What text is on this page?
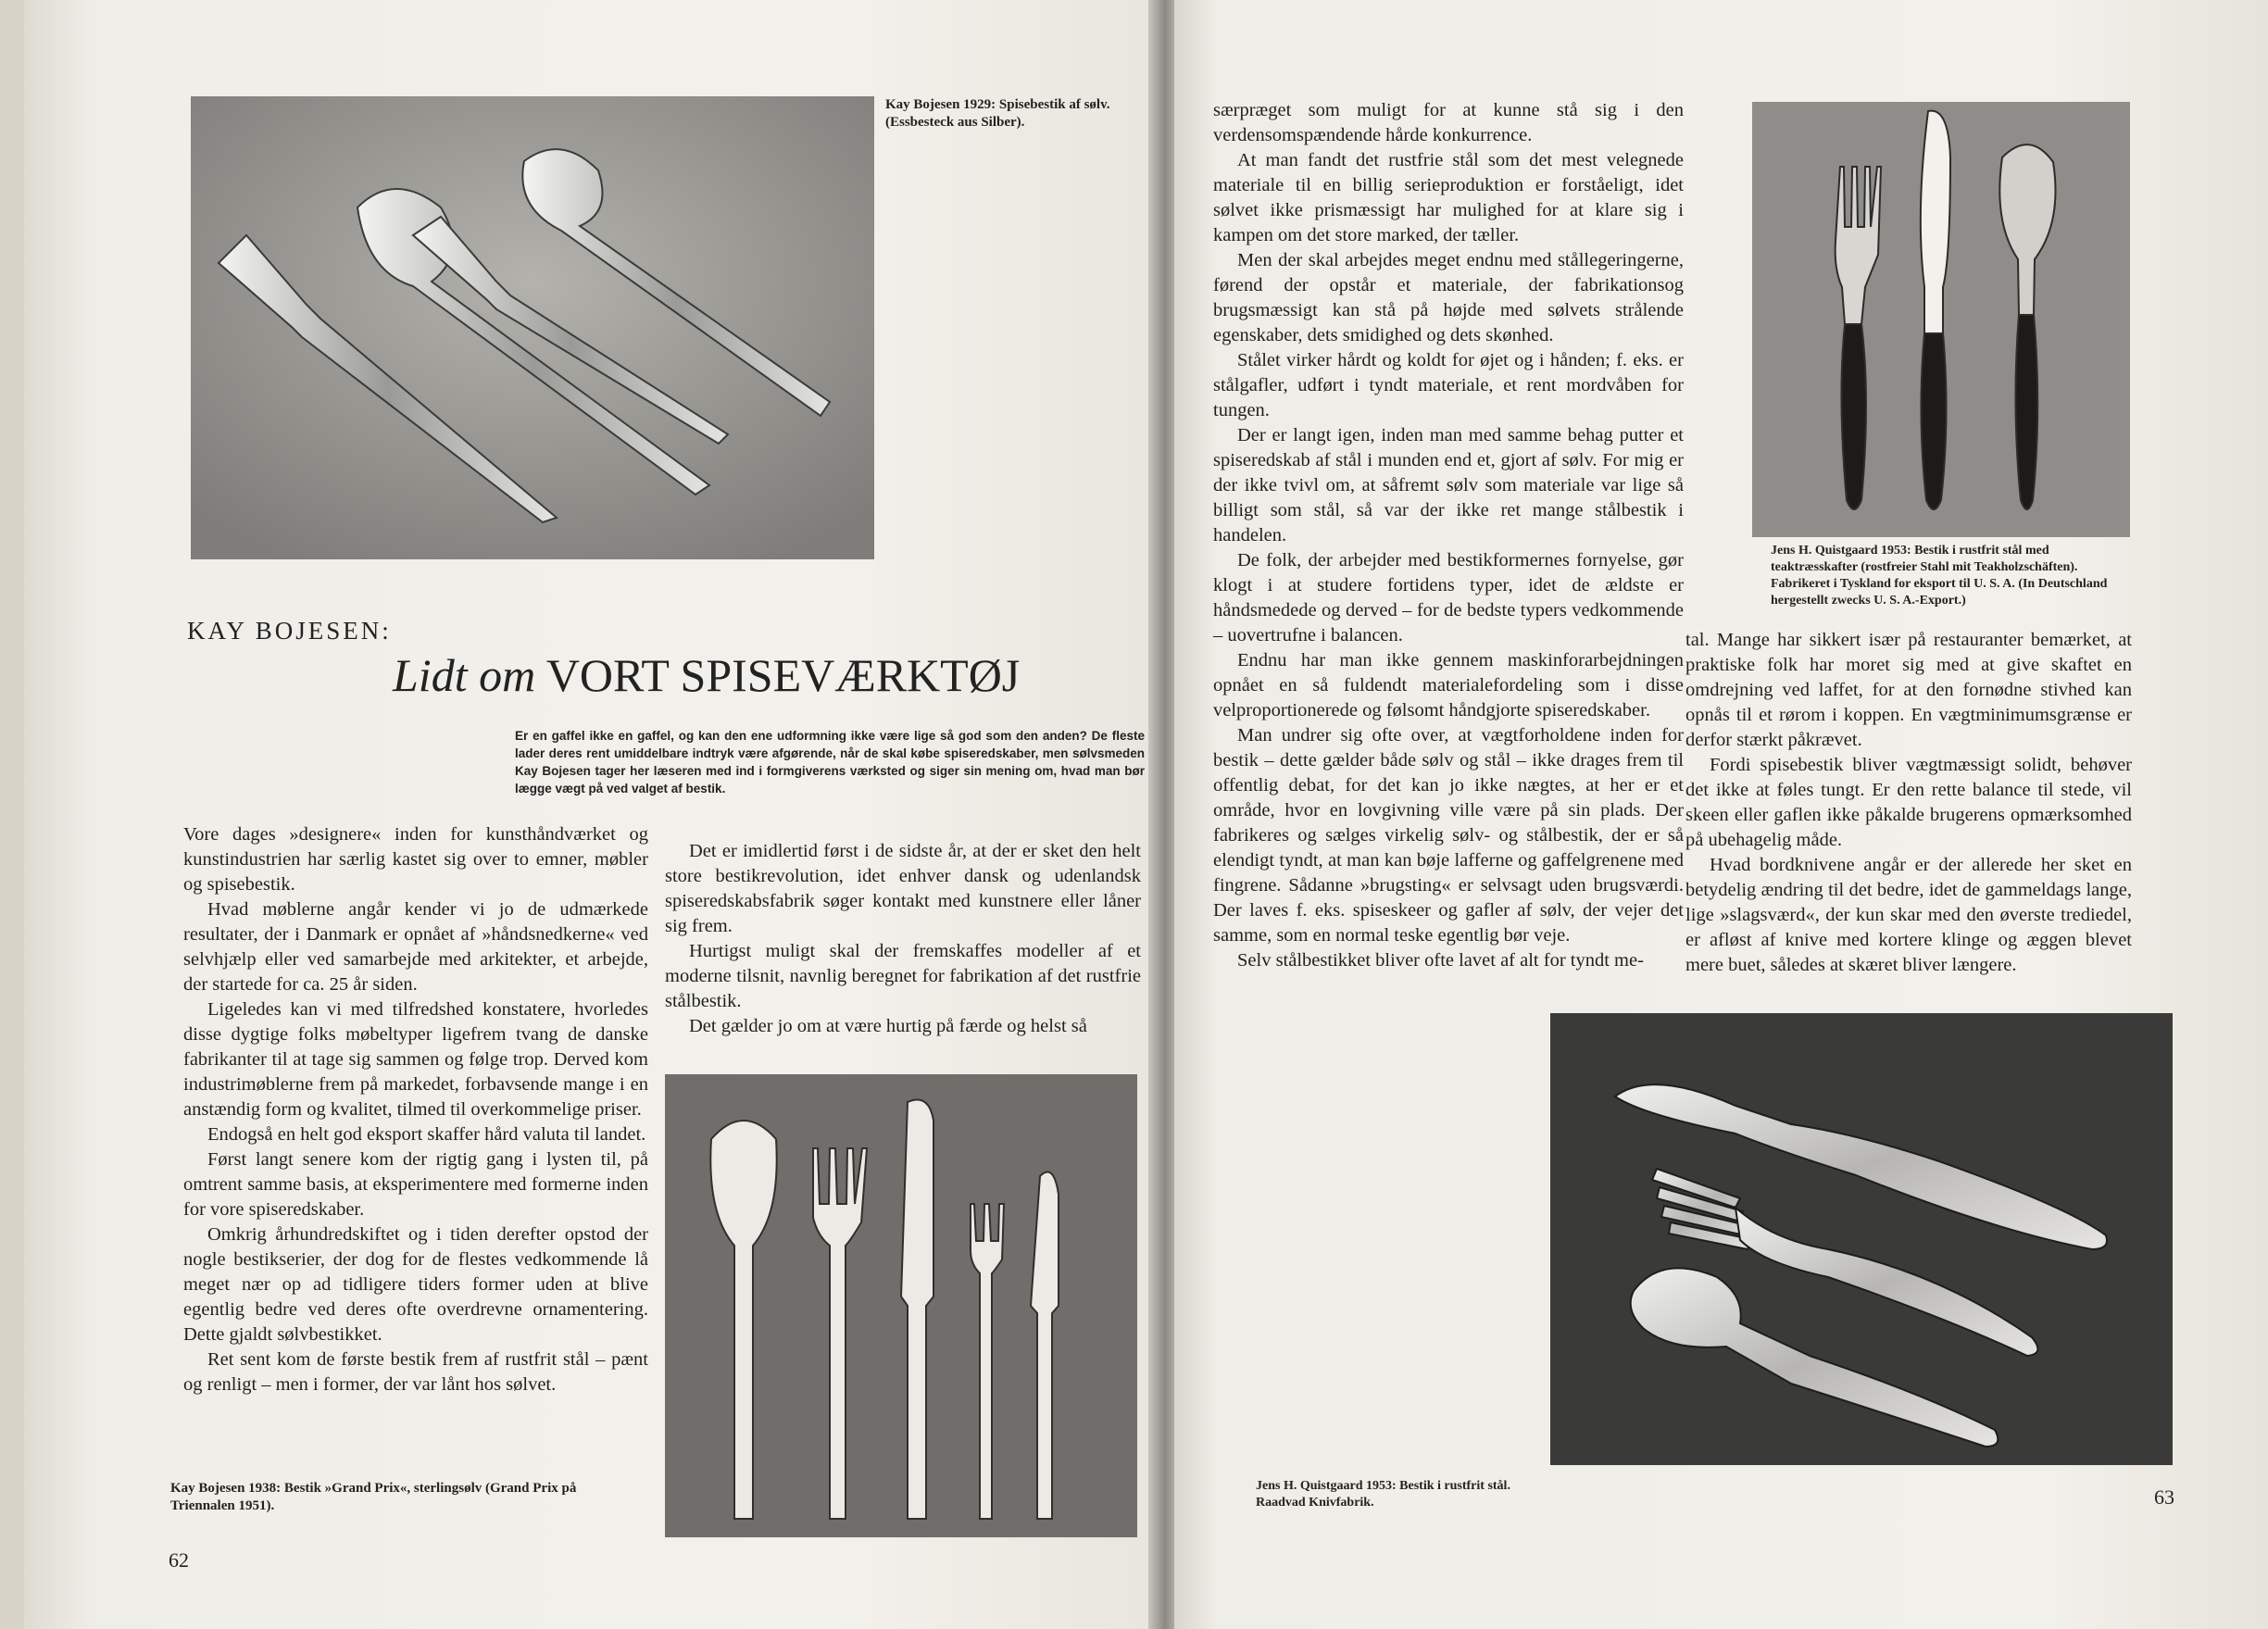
Kay Bojesen 1929: Spisebestik af sølv. (Essbesteck aus Silber).
KAY BOJESEN:
Lidt om VORT SPISEVÆRKTØJ
Er en gaffel ikke en gaffel, og kan den ene udformning ikke være lige så god som den anden? De fleste lader deres rent umiddelbare indtryk være afgørende, når de skal købe spiseredskaber, men sølvsmeden Kay Bojesen tager her læseren med ind i formgiverens værksted og siger sin mening om, hvad man bør lægge vægt på ved valget af bestik.

Vore dages »designere« inden for kunsthåndværket og kunstindustrien har særlig kastet sig over to emner, møbler og spisebestik.

Hvad møblerne angår kender vi jo de udmærkede resultater, der i Danmark er opnået af »håndsnedkerne« ved selvhjælp eller ved samarbejde med arkitekter, et arbejde, der startede for ca. 25 år siden.

Ligeledes kan vi med tilfredshed konstatere, hvorledes disse dygtige folks møbeltyper ligefrem tvang de danske fabrikanter til at tage sig sammen og følge trop. Derved kom industrimøblerne frem på markedet, forbavsende mange i en anstændig form og kvalitet, tilmed til overkommelige priser.

Endogså en helt god eksport skaffer hård valuta til landet.

Først langt senere kom der rigtig gang i lysten til, på omtrent samme basis, at eksperimentere med formerne inden for vore spiseredskaber.

Omkrig århundredskiftet og i tiden derefter opstod der nogle bestikserier, der dog for de flestes vedkommende lå meget nær op ad tidligere tiders former uden at blive egentlig bedre ved deres ofte overdrevne ornamentering. Dette gjaldt sølvbestikket.

Ret sent kom de første bestik frem af rustfrit stål – pænt og renligt – men i former, der var lånt hos sølvet.

Det er imidlertid først i de sidste år, at der er sket den helt store bestikrevolution, idet enhver dansk og udenlandsk spiseredskabsfabrik søger kontakt med kunstnere eller låner sig frem.

Hurtigst muligt skal der fremskaffes modeller af et moderne tilsnit, navnlig beregnet for fabrikation af det rustfrie stålbestik.

Det gælder jo om at være hurtig på færde og helst så

Kay Bojesen 1938: Bestik »Grand Prix«, sterlingsølv (Grand Prix på Triennalen 1951).
62

særpræget som muligt for at kunne stå sig i den verdensomspændende hårde konkurrence.

At man fandt det rustfrie stål som det mest velegnede materiale til en billig serieproduktion er forståeligt, idet sølvet ikke prismæssigt har mulighed for at klare sig i kampen om det store marked, der tæller.

Men der skal arbejdes meget endnu med stållegeringerne, førend der opstår et materiale, der fabrikationsog brugsmæssigt kan stå på højde med sølvets strålende egenskaber, dets smidighed og dets skønhed.

Stålet virker hårdt og koldt for øjet og i hånden; f. eks. er stålgafler, udført i tyndt materiale, et rent mordvåben for tungen.

Der er langt igen, inden man med samme behag putter et spiseredskab af stål i munden end et, gjort af sølv. For mig er der ikke tvivl om, at såfremt sølv som materiale var lige så billigt som stål, så var der ikke ret mange stålbestik i handelen.

De folk, der arbejder med bestikformernes fornyelse, gør klogt i at studere fortidens typer, idet de ældste er håndsmedede og derved – for de bedste typers vedkommende – uovertrufne i balancen.

Endnu har man ikke gennem maskinforarbejdningen opnået en så fuldendt materialefordeling som i disse velproportionerede og følsomt håndgjorte spiseredskaber.

Man undrer sig ofte over, at vægtforholdene inden for bestik – dette gælder både sølv og stål – ikke drages frem til offentlig debat, for det kan jo ikke nægtes, at her er et område, hvor en lovgivning ville være på sin plads. Der fabrikeres og sælges virkelig sølv- og stålbestik, der er så elendigt tyndt, at man kan bøje lafferne og gaffelgrenene med fingrene. Sådanne »brugsting« er selvsagt uden brugsværdi. Der laves f. eks. spiseskeer og gafler af sølv, der vejer det samme, som en normal teske egentlig bør veje.

Selv stålbestikket bliver ofte lavet af alt for tyndt me-

Jens H. Quistgaard 1953: Bestik i rustfrit stål med teaktræsskafter (rostfreier Stahl mit Teakholzschäften). Fabrikeret i Tyskland for eksport til U. S. A. (In Deutschland hergestellt zwecks U. S. A.-Export.)

tal. Mange har sikkert især på restauranter bemærket, at praktiske folk har moret sig med at give skaftet en omdrejning ved laffet, for at den fornødne stivhed kan opnås til et rørom i koppen. En vægtminimumsgrænse er derfor stærkt påkrævet.

Fordi spisebestik bliver vægtmæssigt solidt, behøver det ikke at føles tungt. Er den rette balance til stede, vil skeen eller gaflen ikke påkalde brugerens opmærksomhed på ubehagelig måde.

Hvad bordknivene angår er der allerede her sket en betydelig ændring til det bedre, idet de gammeldags lange, lige »slagsværd«, der kun skar med den øverste trediedel, er afløst af knive med kortere klinge og æggen blevet mere buet, således at skæret bliver længere.

Jens H. Quistgaard 1953: Bestik i rustfrit stål. Raadvad Knivfabrik.	63
